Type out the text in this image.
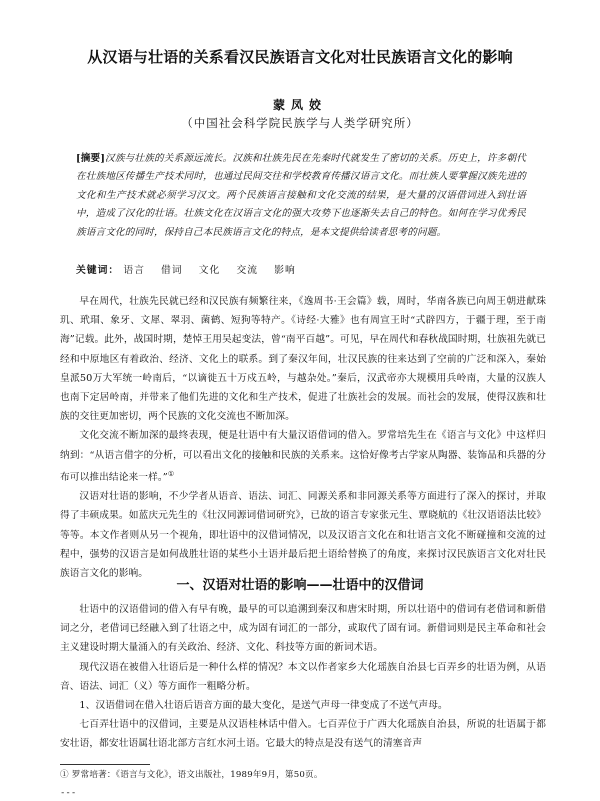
从汉语与壮语的关系看汉民族语言文化对壮民族语言文化的影响
蒙凤姣
（中国社会科学院民族学与人类学研究所）
[摘要]汉族与壮族的关系源远流长。汉族和壮族先民在先秦时代就发生了密切的关系。历史上，许多朝代在壮族地区传播生产技术同时，也通过民间交往和学校教育传播汉语言文化。而壮族人要掌握汉族先进的文化和生产技术就必须学习汉文。两个民族语言接触和文化交流的结果，是大量的汉语借词进入到壮语中，造成了汉化的壮语。壮族文化在汉语言文化的强大攻势下也逐渐失去自己的特色。如何在学习优秀民族语言文化的同时，保持自己本民族语言文化的特点，是本文提供给读者思考的问题。
关键词： 语言 借词 文化 交流 影响

早在周代，壮族先民就已经和汉民族有频繁往来，《逸周书·王会篇》载，周时，华南各族已向周王朝进献珠玑、玳瑁、象牙、文犀、翠羽、菌鹤、短狗等特产。《诗经·大雅》也有周宣王时“式辟四方，于疆于理，至于南海”记载。此外，战国时期，楚悼王用吴起变法，曾“南平百越”。可见，早在周代和春秋战国时期，壮族祖先就已经和中原地区有着政治、经济、文化上的联系。到了秦汉年间，壮汉民族的往来达到了空前的广泛和深入，秦始皇派50万大军统一岭南后，“以谪徙五十万戍五岭，与越杂处。”秦后，汉武帝亦大规模用兵岭南，大量的汉族人也南下定居岭南，并带来了他们先进的文化和生产技术，促进了壮族社会的发展。而社会的发展，使得汉族和壮族的交往更加密切，两个民族的文化交流也不断加深。

文化交流不断加深的最终表现，便是壮语中有大量汉语借词的借入。罗常培先生在《语言与文化》中这样归纳到：“从语言借字的分析，可以看出文化的接触和民族的关系来。这恰好像考古学家从陶器、装饰品和兵器的分布可以推出结论来一样。”①

汉语对壮语的影响，不少学者从语音、语法、词汇、同源关系和非同源关系等方面进行了深入的探讨，并取得了丰硕成果。如蓝庆元先生的《壮汉同源词借词研究》，已故的语言专家张元生、覃晓航的《壮汉语语法比较》等等。本文作者则从另一个视角，即壮语中的汉借词情况，以及汉语言文化在和壮语言文化不断碰撞和交流的过程中，强势的汉语言是如何战胜壮语的某些小土语并最后把土语给替换了的角度，来探讨汉民族语言文化对壮民族语言文化的影响。

一、汉语对壮语的影响——壮语中的汉借词

壮语中的汉语借词的借入有早有晚，最早的可以追溯到秦汉和唐宋时期，所以壮语中的借词有老借词和新借词之分，老借词已经融入到了壮语之中，成为固有词汇的一部分，或取代了固有词。新借词则是民主革命和社会主义建设时期大量涌入的有关政治、经济、文化、科技等方面的新词术语。

现代汉语在被借入壮语后是一种什么样的情况？本文以作者家乡大化瑶族自治县七百弄乡的壮语为例，从语音、语法、词汇（义）等方面作一粗略分析。

1、汉语借词在借入壮语后语音方面的最大变化，是送气声母一律变成了不送气声母。

七百弄壮语中的汉借词，主要是从汉语桂林话中借入。七百弄位于广西大化瑶族自治县，所说的壮语属于都安壮语，都安壮语属壮语北部方言红水河土语。它最大的特点是没有送气的清塞音声

① 罗常培著：《语言与文化》，语文出版社，1989年9月，第50页。
---
